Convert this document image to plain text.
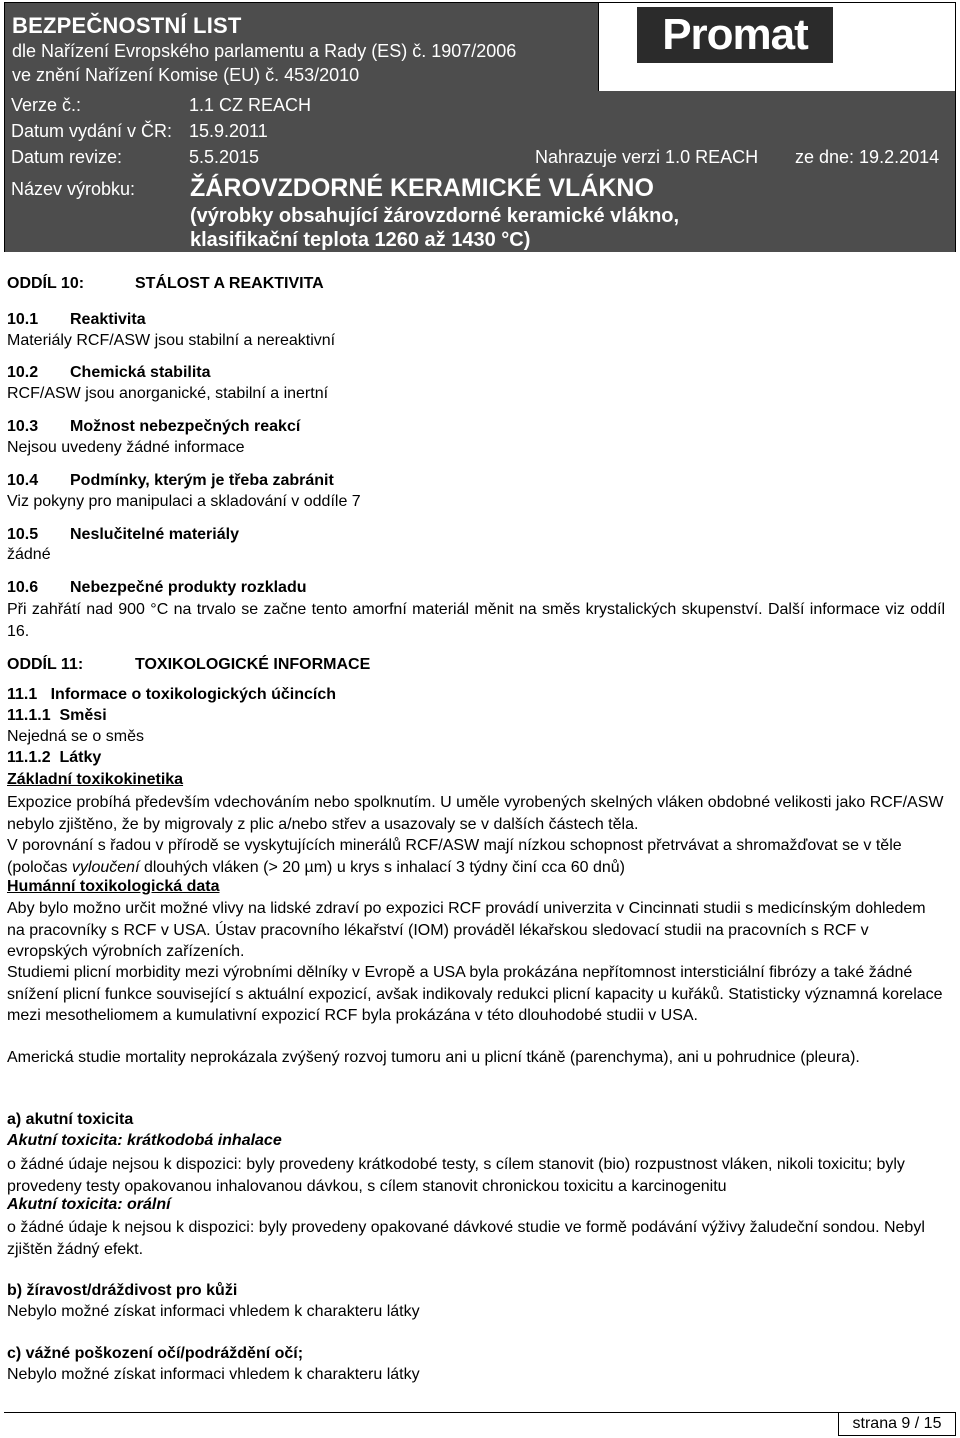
BEZPEČNOSTNÍ LIST
dle Nařízení Evropského parlamentu a Rady (ES) č. 1907/2006
ve znění Nařízení Komise (EU) č. 453/2010
Promat
Verze č.:	1.1 CZ REACH
Datum vydání v ČR: 15.9.2011
Datum revize:	5.5.2015	Nahrazuje verzi 1.0 REACH ze dne: 19.2.2014
Název výrobku: ŽÁROVZDORNÉ KERAMICKÉ VLÁKNO
(výrobky obsahující žárovzdorné keramické vlákno,
klasifikační teplota 1260 až 1430 °C)
ODDÍL 10:	STÁLOST A REAKTIVITA
10.1 Reaktivita
Materiály RCF/ASW jsou stabilní a nereaktivní
10.2 Chemická stabilita
RCF/ASW jsou anorganické, stabilní a inertní
10.3 Možnost nebezpečných reakcí
Nejsou uvedeny žádné informace
10.4 Podmínky, kterým je třeba zabránit
Viz pokyny pro manipulaci a skladování v oddíle 7
10.5 Neslučitelné materiály
žádné
10.6 Nebezpečné produkty rozkladu
Při zahřátí nad 900 °C na trvalo se začne tento amorfní materiál měnit na směs krystalických skupenství. Další informace viz oddíl 16.
ODDÍL 11:	TOXIKOLOGICKÉ INFORMACE
11.1   Informace o toxikologických účincích
11.1.1  Směsi
Nejedná se o směs
11.1.2  Látky
Základní toxikokinetika
Expozice probíhá především vdechováním nebo spolknutím. U uměle vyrobených skelných vláken obdobné velikosti jako RCF/ASW nebylo zjištěno, že by migrovaly z plic a/nebo střev a usazovaly se v dalších částech těla.
V porovnání s řadou v přírodě se vyskytujících minerálů RCF/ASW mají nízkou schopnost přetrvávat a shromažďovat se v těle (poločas vyloučení dlouhých vláken (> 20 µm) u krys s inhalací 3 týdny činí cca 60 dnů)
Humánní toxikologická data
Aby bylo možno určit možné vlivy na lidské zdraví po expozici RCF provádí univerzita v Cincinnati studii s medicínským dohledem na pracovníky s RCF v USA. Ústav pracovního lékařství (IOM) prováděl lékařskou sledovací studii na pracovních s RCF v evropských výrobních zařízeních.
Studiemi plicní morbidity mezi výrobními dělníky v Evropě a USA byla prokázána nepřítomnost intersticiální fibrózy a také žádné snížení plicní funkce související s aktuální expozicí, avšak indikovaly redukci plicní kapacity u kuřáků. Statisticky významná korelace mezi mesotheliomem a kumulativní expozicí RCF byla prokázána v této dlouhodobé studii v USA.
Americká studie mortality neprokázala zvýšený rozvoj tumoru ani u plicní tkáně (parenchyma), ani u pohrudnice (pleura).
a) akutní toxicita
Akutní toxicita: krátkodobá inhalace
o žádné údaje nejsou k dispozici: byly provedeny krátkodobé testy, s cílem stanovit (bio) rozpustnost vláken, nikoli toxicitu; byly provedeny testy opakovanou inhalovanou dávkou, s cílem stanovit chronickou toxicitu a karcinogenitu
Akutní toxicita: orální
o žádné údaje k nejsou k dispozici: byly provedeny opakované dávkové studie ve formě podávání výživy žaludeční sondou. Nebyl zjištěn žádný efekt.
b) žíravost/dráždivost pro kůži
Nebylo možné získat informaci vhledem k charakteru látky
c) vážné poškození očí/podráždění očí;
Nebylo možné získat informaci vhledem k charakteru látky
strana 9 / 15
